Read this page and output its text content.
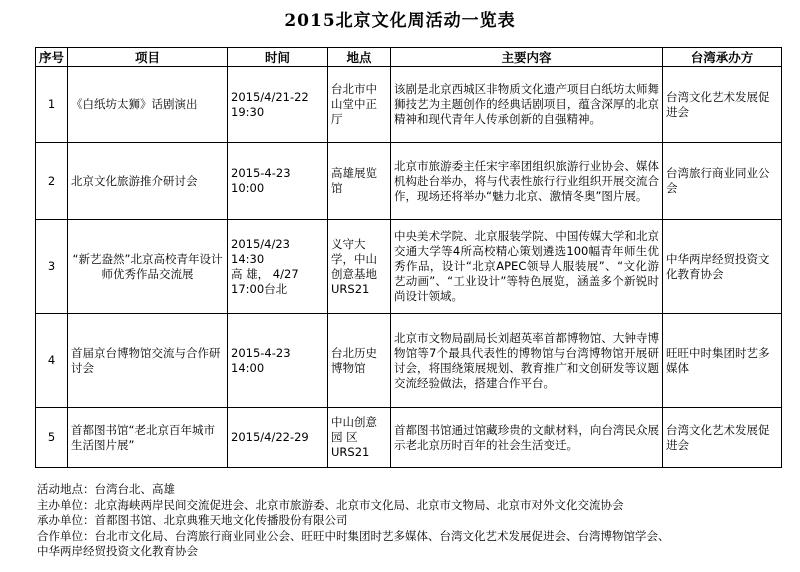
2015北京文化周活动一览表
序号	项目	时间	地点	主要内容	台湾承办方
1	《白纸坊太狮》话剧演出	2015/4/21-22
19:30	台北市中
山堂中正
厅	该剧是北京西城区非物质文化遗产项目白纸坊太师舞狮技艺为主题创作的经典话剧项目，蕴含深厚的北京精神和现代青年人传承创新的自强精神。	台湾文化艺术发展促进会
2	北京文化旅游推介研讨会	2015-4-23 10:00	高雄展览
馆	北京市旅游委主任宋宇率团组织旅游行业协会、媒体机构赴台举办，将与代表性旅行行业组织开展交流合作，现场还将举办“魅力北京、激情冬奥”图片展。	台湾旅行商业同业公会
3	“新艺盎然”北京高校青年设计师优秀作品交流展	2015/4/23 14:30
高 雄， 4/27
17:00台北	义守大
学，中山
创意基地
URS21	中央美术学院、北京服装学院、中国传媒大学和北京交通大学等4所高校精心策划遴选100幅青年师生优秀作品，设计“北京APEC领导人服装展”、“文化游艺动画”、“工业设计”等特色展览，涵盖多个新锐时尚设计领域。	中华两岸经贸投资文化教育协会
4	首届京台博物馆交流与合作研讨会	2015-4-23 14:00	台北历史
博物馆	北京市文物局副局长刘超英率首都博物馆、大钟寺博物馆等7个最具代表性的博物馆与台湾博物馆开展研讨会，将围绕策展规划、教育推广和文创研发等议题交流经验做法，搭建合作平台。	旺旺中时集团时艺多媒体
5	首都图书馆“老北京百年城市生活图片展”	2015/4/22-29	中山创意
园 区
URS21	首都图书馆通过馆藏珍贵的文献材料，向台湾民众展示老北京历时百年的社会生活变迁。	台湾文化艺术发展促进会
活动地点：台湾台北、高雄
主办单位：北京海峡两岸民间交流促进会、北京市旅游委、北京市文化局、北京市文物局、北京市对外文化交流协会
承办单位：首都图书馆、北京典雅天地文化传播股份有限公司
合作单位：台北市文化局、台湾旅行商业同业公会、旺旺中时集团时艺多媒体、台湾文化艺术发展促进会、台湾博物馆学会、
中华两岸经贸投资文化教育协会
